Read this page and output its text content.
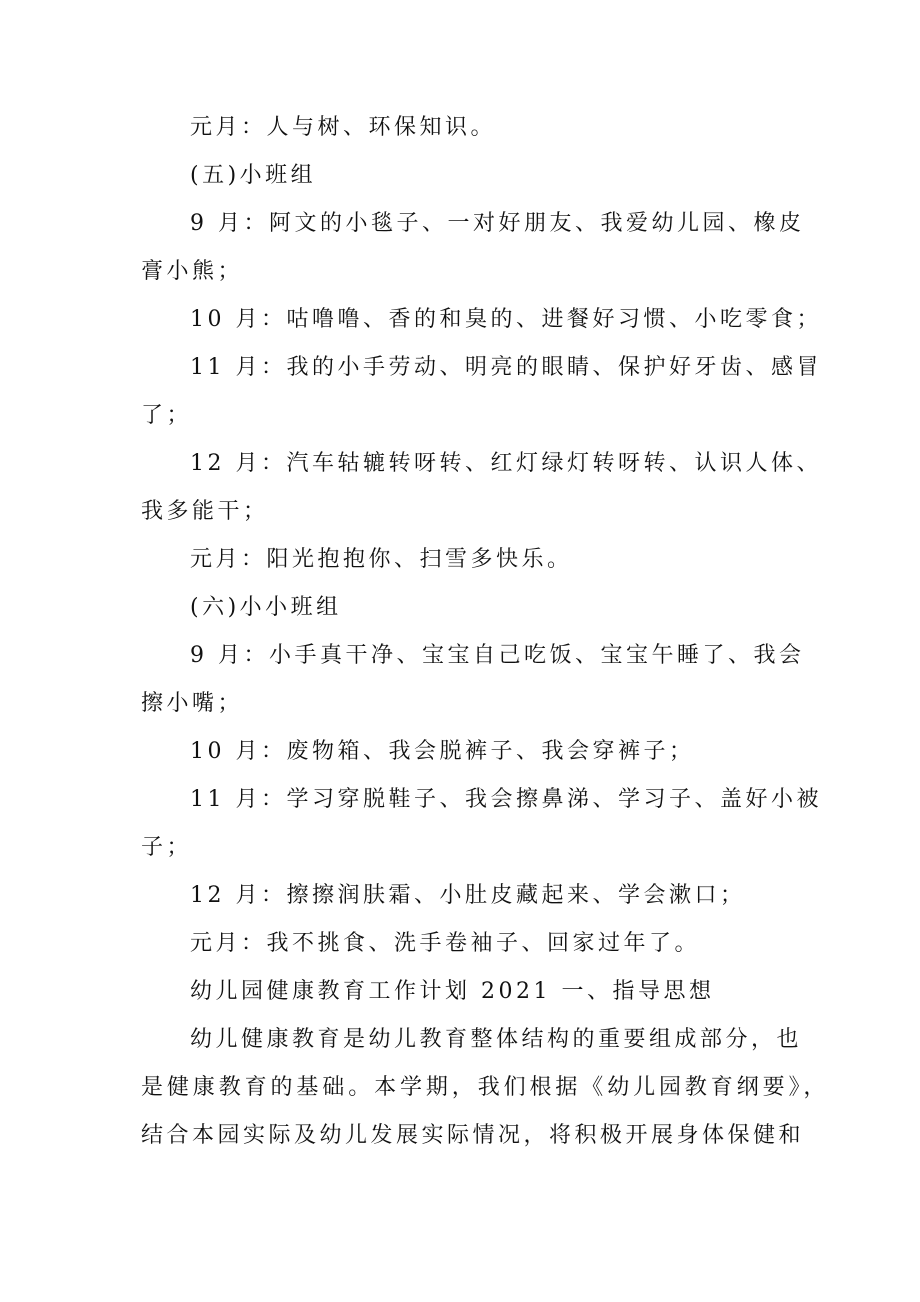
元月：人与树、环保知识。

(五)小班组

9 月：阿文的小毯子、一对好朋友、我爱幼儿园、橡皮

膏小熊；

10 月：咕噜噜、香的和臭的、进餐好习惯、小吃零食；

11 月：我的小手劳动、明亮的眼睛、保护好牙齿、感冒

了；

12 月：汽车轱辘转呀转、红灯绿灯转呀转、认识人体、

我多能干；

元月：阳光抱抱你、扫雪多快乐。

(六)小小班组

9 月：小手真干净、宝宝自己吃饭、宝宝午睡了、我会

擦小嘴；

10 月：废物箱、我会脱裤子、我会穿裤子；

11 月：学习穿脱鞋子、我会擦鼻涕、学习子、盖好小被

子；

12 月：擦擦润肤霜、小肚皮藏起来、学会漱口；

元月：我不挑食、洗手卷袖子、回家过年了。

幼儿园健康教育工作计划 2021 一、指导思想

幼儿健康教育是幼儿教育整体结构的重要组成部分，也

是健康教育的基础。本学期，我们根据《幼儿园教育纲要》，

结合本园实际及幼儿发展实际情况，将积极开展身体保健和
